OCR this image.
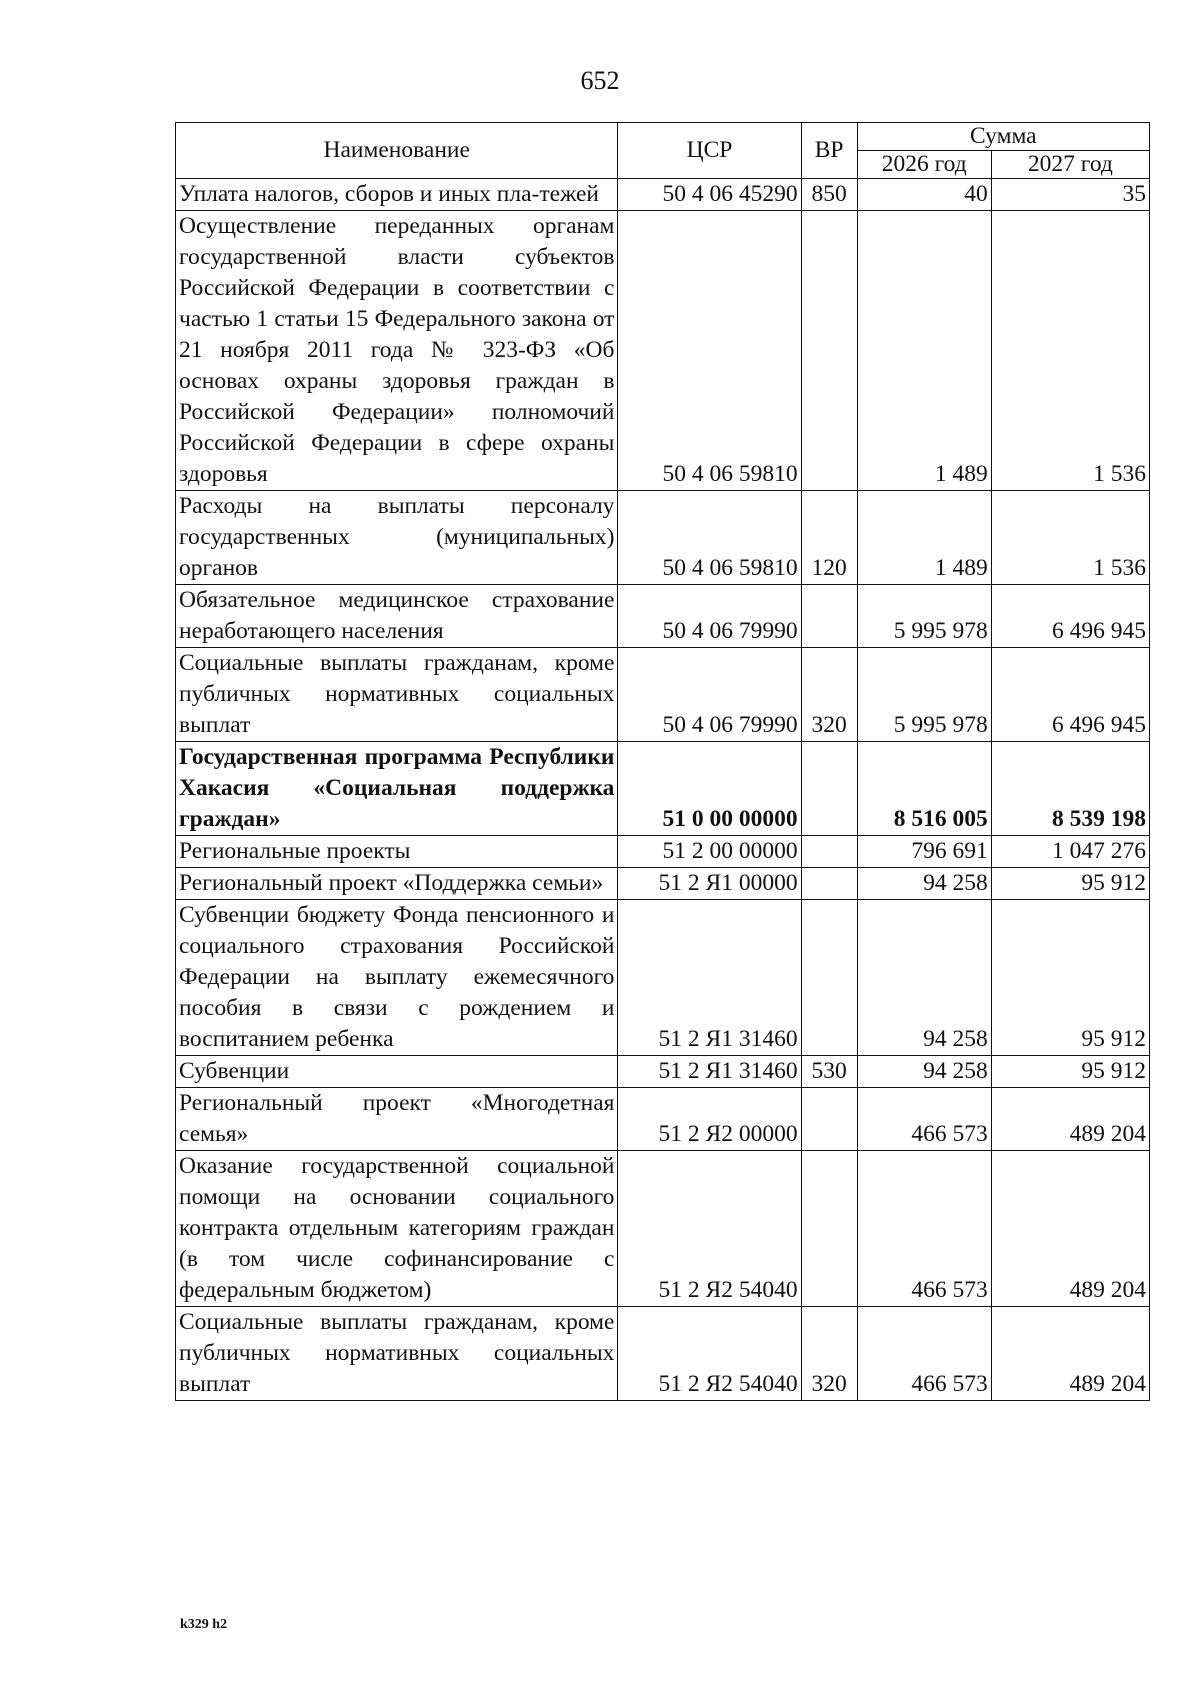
652
Наименование	ЦСР	ВР	Сумма	
			2026 год	2027 год
Уплата налогов, сборов и иных пла-тежей	50 4 06 45290	850	40	35
Осуществление переданных органам государственной власти субъектов Российской Федерации в соответствии с частью 1 статьи 15 Федерального закона от 21 ноября 2011 года № 323-ФЗ «Об основах охраны здоровья граждан в Российской Федерации» полномочий Российской Федерации в сфере охраны здоровья	50 4 06 59810		1 489	1 536
Расходы на выплаты персоналу государственных (муниципальных) органов	50 4 06 59810	120	1 489	1 536
Обязательное медицинское страхование неработающего населения	50 4 06 79990		5 995 978	6 496 945
Социальные выплаты гражданам, кроме публичных нормативных социальных выплат	50 4 06 79990	320	5 995 978	6 496 945
Государственная программа Республики Хакасия «Социальная поддержка граждан»	51 0 00 00000		8 516 005	8 539 198
Региональные проекты	51 2 00 00000		796 691	1 047 276
Региональный проект «Поддержка семьи»	51 2 Я1 00000		94 258	95 912
Субвенции бюджету Фонда пенсионного и социального страхования Российской Федерации на выплату ежемесячного пособия в связи с рождением и воспитанием ребенка	51 2 Я1 31460		94 258	95 912
Субвенции	51 2 Я1 31460	530	94 258	95 912
Региональный проект «Многодетная семья»	51 2 Я2 00000		466 573	489 204
Оказание государственной социальной помощи на основании социального контракта отдельным категориям граждан (в том числе софинансирование с федеральным бюджетом)	51 2 Я2 54040		466 573	489 204
Социальные выплаты гражданам, кроме публичных нормативных социальных выплат	51 2 Я2 54040	320	466 573	489 204
k329 h2
